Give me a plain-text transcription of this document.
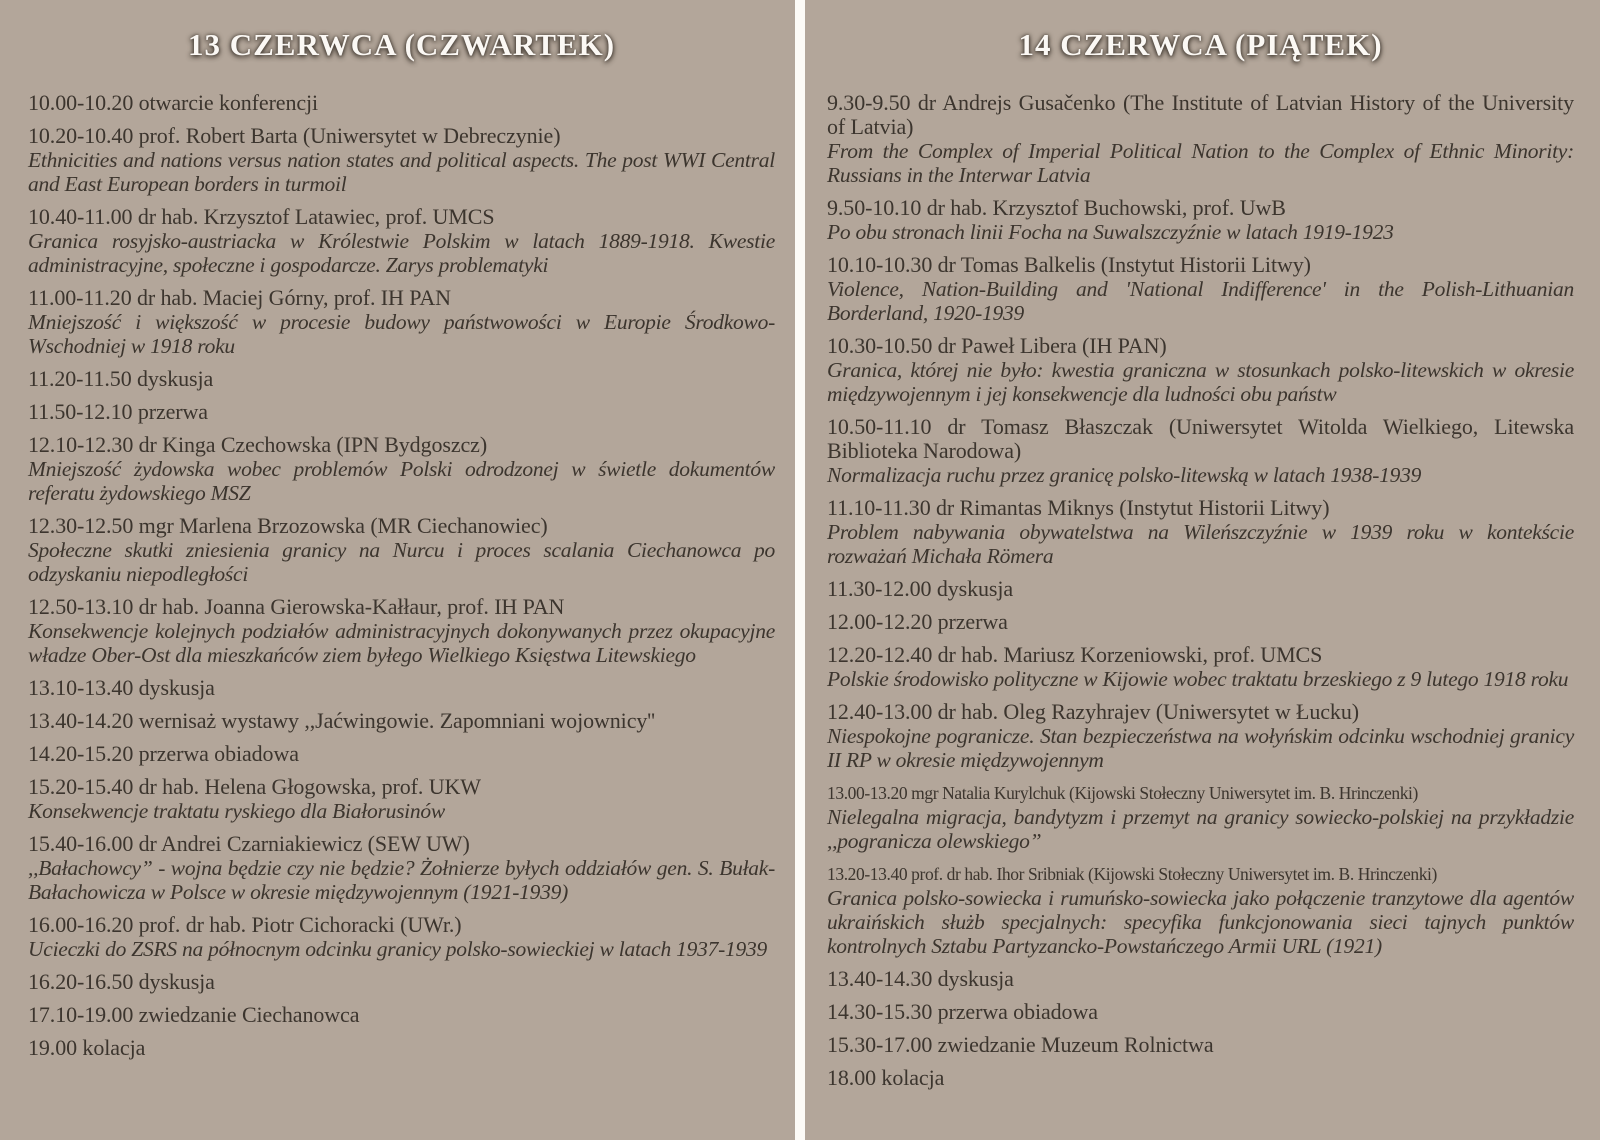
13 CZERWCA (CZWARTEK)

10.00-10.20 otwarcie konferencji

10.20-10.40 prof. Robert Barta (Uniwersytet w Debreczynie)

Ethnicities and nations versus nation states and political aspects. The post WWI Central and East European borders in turmoil

10.40-11.00 dr hab. Krzysztof Latawiec, prof. UMCS

Granica rosyjsko-austriacka w Królestwie Polskim w latach 1889-1918. Kwestie administracyjne, społeczne i gospodarcze. Zarys problematyki

11.00-11.20 dr hab. Maciej Górny, prof. IH PAN

Mniejszość i większość w procesie budowy państwowości w Europie Środkowo-Wschodniej w 1918 roku

11.20-11.50 dyskusja

11.50-12.10 przerwa

12.10-12.30 dr Kinga Czechowska (IPN Bydgoszcz)

Mniejszość żydowska wobec problemów Polski odrodzonej w świetle dokumentów referatu żydowskiego MSZ

12.30-12.50 mgr Marlena Brzozowska (MR Ciechanowiec)

Społeczne skutki zniesienia granicy na Nurcu i proces scalania Ciechanowca po odzyskaniu niepodległości

12.50-13.10 dr hab. Joanna Gierowska-Kałłaur, prof. IH PAN

Konsekwencje kolejnych podziałów administracyjnych dokonywanych przez okupacyjne władze Ober-Ost dla mieszkańców ziem byłego Wielkiego Księstwa Litewskiego

13.10-13.40 dyskusja

13.40-14.20 wernisaż wystawy ,,Jaćwingowie. Zapomniani wojownicy''

14.20-15.20 przerwa obiadowa

15.20-15.40 dr hab. Helena Głogowska, prof. UKW

Konsekwencje traktatu ryskiego dla Białorusinów

15.40-16.00 dr Andrei Czarniakiewicz (SEW UW)

,,Bałachowcy” - wojna będzie czy nie będzie? Żołnierze byłych oddziałów gen. S. Bułak-Bałachowicza w Polsce w okresie międzywojennym (1921-1939)

16.00-16.20 prof. dr hab. Piotr Cichoracki (UWr.)

Ucieczki do ZSRS na północnym odcinku granicy polsko-sowieckiej w latach 1937-1939

16.20-16.50 dyskusja

17.10-19.00 zwiedzanie Ciechanowca

19.00 kolacja

14 CZERWCA (PIĄTEK)

9.30-9.50 dr Andrejs Gusačenko (The Institute of Latvian History of the University of Latvia)

From the Complex of Imperial Political Nation to the Complex of Ethnic Minority: Russians in the Interwar Latvia

9.50-10.10 dr hab. Krzysztof Buchowski, prof. UwB

Po obu stronach linii Focha na Suwalszczyźnie w latach 1919-1923

10.10-10.30 dr Tomas Balkelis (Instytut Historii Litwy)

Violence, Nation-Building and 'National Indifference' in the Polish-Lithuanian Borderland, 1920-1939

10.30-10.50 dr Paweł Libera (IH PAN)

Granica, której nie było: kwestia graniczna w stosunkach polsko-litewskich w okresie międzywojennym i jej konsekwencje dla ludności obu państw

10.50-11.10 dr Tomasz Błaszczak (Uniwersytet Witolda Wielkiego, Litewska Biblioteka Narodowa)

Normalizacja ruchu przez granicę polsko-litewską w latach 1938-1939

11.10-11.30 dr Rimantas Miknys (Instytut Historii Litwy)

Problem nabywania obywatelstwa na Wileńszczyźnie w 1939 roku w kontekście rozważań Michała Römera

11.30-12.00 dyskusja

12.00-12.20 przerwa

12.20-12.40 dr hab. Mariusz Korzeniowski, prof. UMCS

Polskie środowisko polityczne w Kijowie wobec traktatu brzeskiego z 9 lutego 1918 roku

12.40-13.00 dr hab. Oleg Razyhrajev (Uniwersytet w Łucku)

Niespokojne pogranicze. Stan bezpieczeństwa na wołyńskim odcinku wschodniej granicy II RP w okresie międzywojennym

13.00-13.20 mgr Natalia Kurylchuk (Kijowski Stołeczny Uniwersytet im. B. Hrinczenki)

Nielegalna migracja, bandytyzm i przemyt na granicy sowiecko-polskiej na przykładzie ,,pogranicza olewskiego”

13.20-13.40 prof. dr hab. Ihor Sribniak (Kijowski Stołeczny Uniwersytet im. B. Hrinczenki)

Granica polsko-sowiecka i rumuńsko-sowiecka jako połączenie tranzytowe dla agentów ukraińskich służb specjalnych: specyfika funkcjonowania sieci tajnych punktów kontrolnych Sztabu Partyzancko-Powstańczego Armii URL (1921)

13.40-14.30 dyskusja

14.30-15.30 przerwa obiadowa

15.30-17.00 zwiedzanie Muzeum Rolnictwa

18.00 kolacja
